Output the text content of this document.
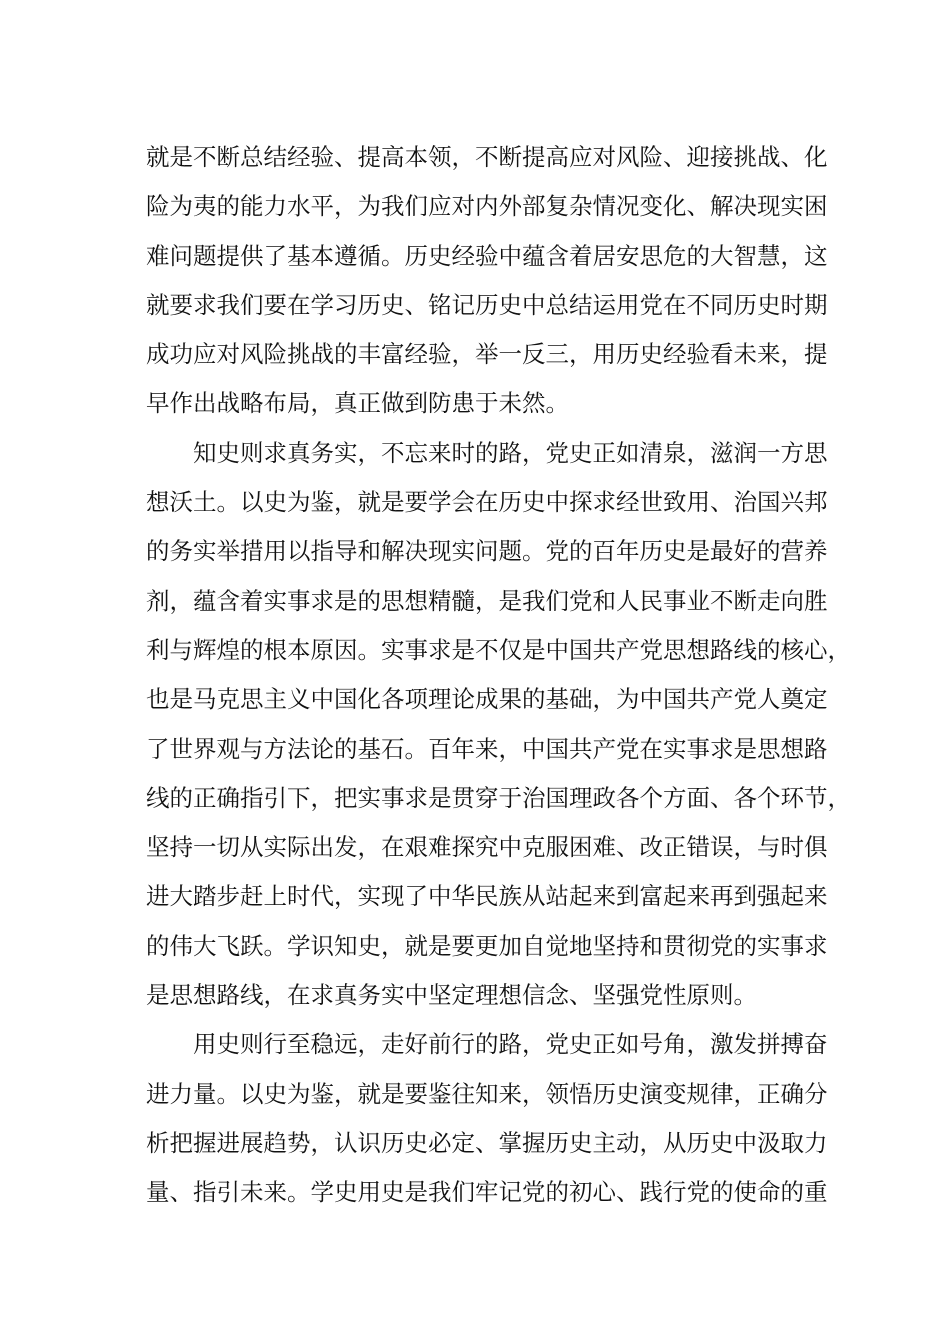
就是不断总结经验、提高本领，不断提高应对风险、迎接挑战、化
险为夷的能力水平，为我们应对内外部复杂情况变化、解决现实困
难问题提供了基本遵循。历史经验中蕴含着居安思危的大智慧，这
就要求我们要在学习历史、铭记历史中总结运用党在不同历史时期
成功应对风险挑战的丰富经验，举一反三，用历史经验看未来，提
早作出战略布局，真正做到防患于未然。
知史则求真务实，不忘来时的路，党史正如清泉，滋润一方思
想沃土。以史为鉴，就是要学会在历史中探求经世致用、治国兴邦
的务实举措用以指导和解决现实问题。党的百年历史是最好的营养
剂，蕴含着实事求是的思想精髓，是我们党和人民事业不断走向胜
利与辉煌的根本原因。实事求是不仅是中国共产党思想路线的核心，
也是马克思主义中国化各项理论成果的基础，为中国共产党人奠定
了世界观与方法论的基石。百年来，中国共产党在实事求是思想路
线的正确指引下，把实事求是贯穿于治国理政各个方面、各个环节，
坚持一切从实际出发，在艰难探究中克服困难、改正错误，与时俱
进大踏步赶上时代，实现了中华民族从站起来到富起来再到强起来
的伟大飞跃。学识知史，就是要更加自觉地坚持和贯彻党的实事求
是思想路线，在求真务实中坚定理想信念、坚强党性原则。
用史则行至稳远，走好前行的路，党史正如号角，激发拼搏奋
进力量。以史为鉴，就是要鉴往知来，领悟历史演变规律，正确分
析把握进展趋势，认识历史必定、掌握历史主动，从历史中汲取力
量、指引未来。学史用史是我们牢记党的初心、践行党的使命的重
